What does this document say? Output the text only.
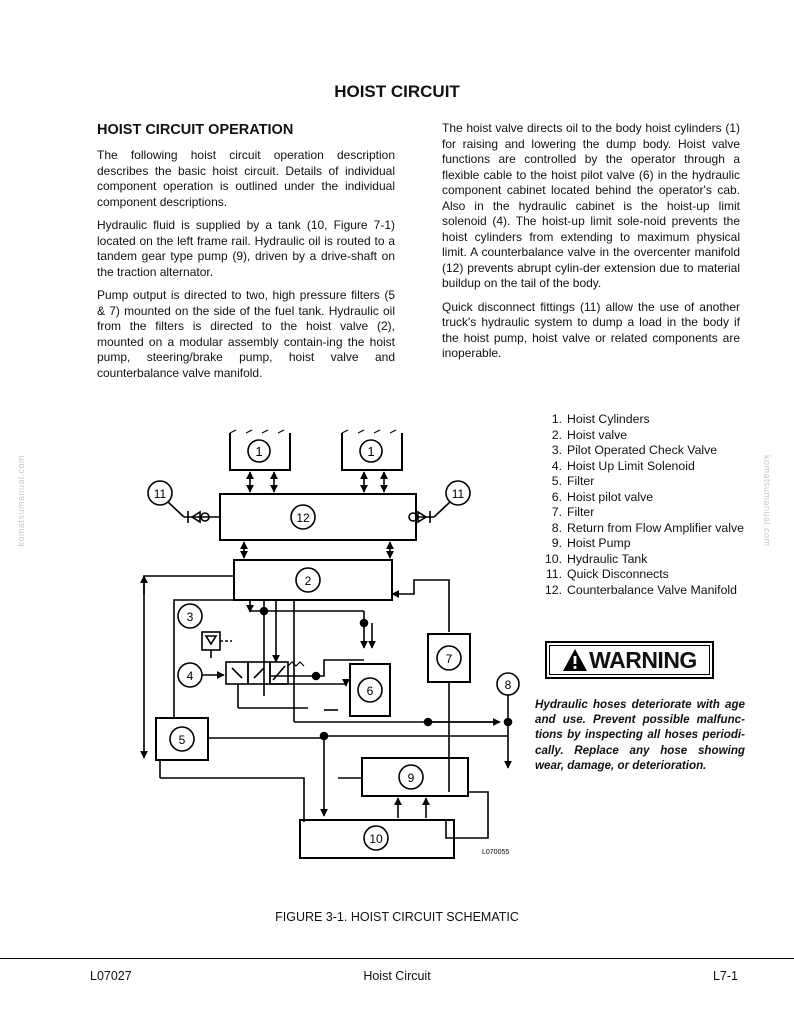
HOIST CIRCUIT
HOIST CIRCUIT OPERATION

The following hoist circuit operation description describes the basic hoist circuit. Details of individual component operation is outlined under the individual component descriptions.

Hydraulic fluid is supplied by a tank (10, Figure 7-1) located on the left frame rail. Hydraulic oil is routed to a tandem gear type pump (9), driven by a drive-shaft on the traction alternator.

Pump output is directed to two, high pressure filters (5 & 7) mounted on the side of the fuel tank. Hydraulic oil from the filters is directed to the hoist valve (2), mounted on a modular assembly contain-ing the hoist pump, steering/brake pump, hoist valve and counterbalance valve manifold.

The hoist valve directs oil to the body hoist cylinders (1) for raising and lowering the dump body. Hoist valve functions are controlled by the operator through a flexible cable to the hoist pilot valve (6) in the hydraulic component cabinet located behind the operator's cab. Also in the hydraulic cabinet is the hoist-up limit solenoid (4). The hoist-up limit sole-noid prevents the hoist cylinders from extending to maximum physical limit. A counterbalance valve in the overcenter manifold (12) prevents abrupt cylin-der extension due to material buildup on the tail of the body.

Quick disconnect fittings (11) allow the use of another truck's hydraulic system to dump a load in the body if the hoist pump, hoist valve or related components are inoperable.

komatsumanual.com	komatsumanual.com
1	1
12
11	11
2
3
4
6
7
8
5
9
10
L070055
1. Hoist Cylinders
2. Hoist valve
3. Pilot Operated Check Valve
4. Hoist Up Limit Solenoid
5. Filter
6. Hoist pilot valve
7. Filter
8. Return from Flow Amplifier valve
9. Hoist Pump
10. Hydraulic Tank
11. Quick Disconnects
12. Counterbalance Valve Manifold
WARNING

Hydraulic hoses deteriorate with age and use. Prevent possible malfunc-tions by inspecting all hoses periodi-cally. Replace any hose showing wear, damage, or deterioration.

FIGURE 3-1. HOIST CIRCUIT SCHEMATIC

L07027	Hoist Circuit	L7-1
